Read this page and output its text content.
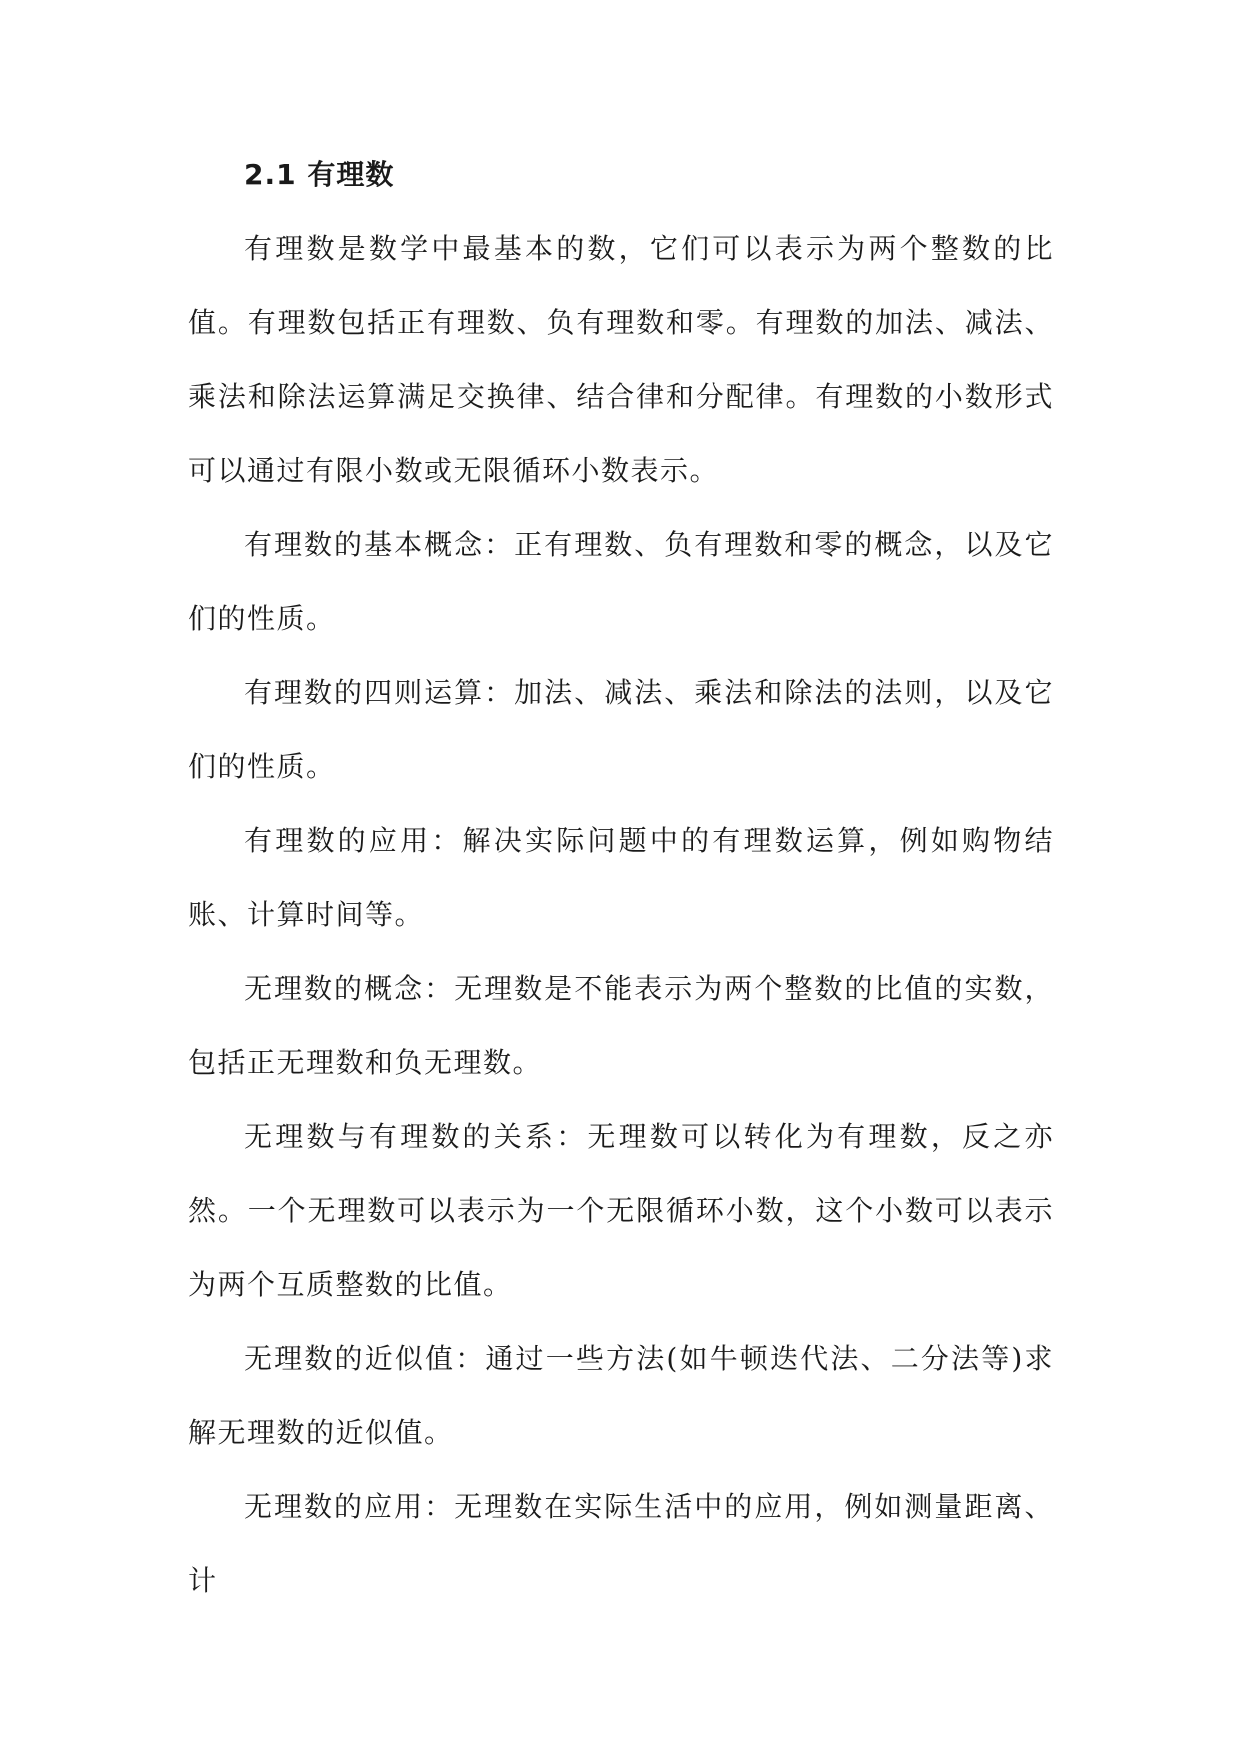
2.1 有理数

有理数是数学中最基本的数，它们可以表示为两个整数的比值。有理数包括正有理数、负有理数和零。有理数的加法、减法、乘法和除法运算满足交换律、结合律和分配律。有理数的小数形式可以通过有限小数或无限循环小数表示。

有理数的基本概念：正有理数、负有理数和零的概念，以及它们的性质。

有理数的四则运算：加法、减法、乘法和除法的法则，以及它们的性质。

有理数的应用：解决实际问题中的有理数运算，例如购物结账、计算时间等。

无理数的概念：无理数是不能表示为两个整数的比值的实数，包括正无理数和负无理数。

无理数与有理数的关系：无理数可以转化为有理数，反之亦然。一个无理数可以表示为一个无限循环小数，这个小数可以表示为两个互质整数的比值。

无理数的近似值：通过一些方法(如牛顿迭代法、二分法等)求解无理数的近似值。

无理数的应用：无理数在实际生活中的应用，例如测量距离、计
